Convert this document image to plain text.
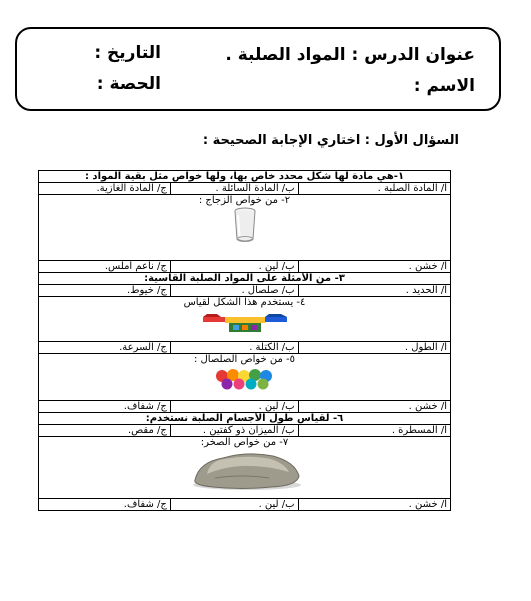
عنوان الدرس : المواد الصلبة .
التاريخ :
الاسم :
الحصة :
السؤال الأول : اختاري الإجابة الصحيحة :
١-هي مادة لها شكل محدد خاص بها، ولها خواص مثل بقية المواد :		
أ/ المادة الصلبة .	ب/ المادة السائلة .	ج/ المادة الغازية.

٢- من خواص الزجاج :		

أ/ خشن .	ب/ لين .	ج/ ناعم أملس.
٣- من الأمثلة على المواد الصلبة القاسية:		
أ/ الحديد .	ب/ صلصال .	ج/ خيوط.

٤- يستخدم هذا الشكل لقياس		

أ/ الطول .	ب/ الكتلة .	ج/ السرعة.

٥- من خواص الصلصال :		

أ/ خشن .	ب/ لين .	ج/ شفاف.
٦- لقياس طول الأجسام الصلبة نستخدم:		
أ/ المسطرة .	ب/ الميزان ذو كفتين .	ج/ مقص.

٧- من خواص الصخر:		

أ/ خشن .	ب/ لين .	ج/ شفاف.
